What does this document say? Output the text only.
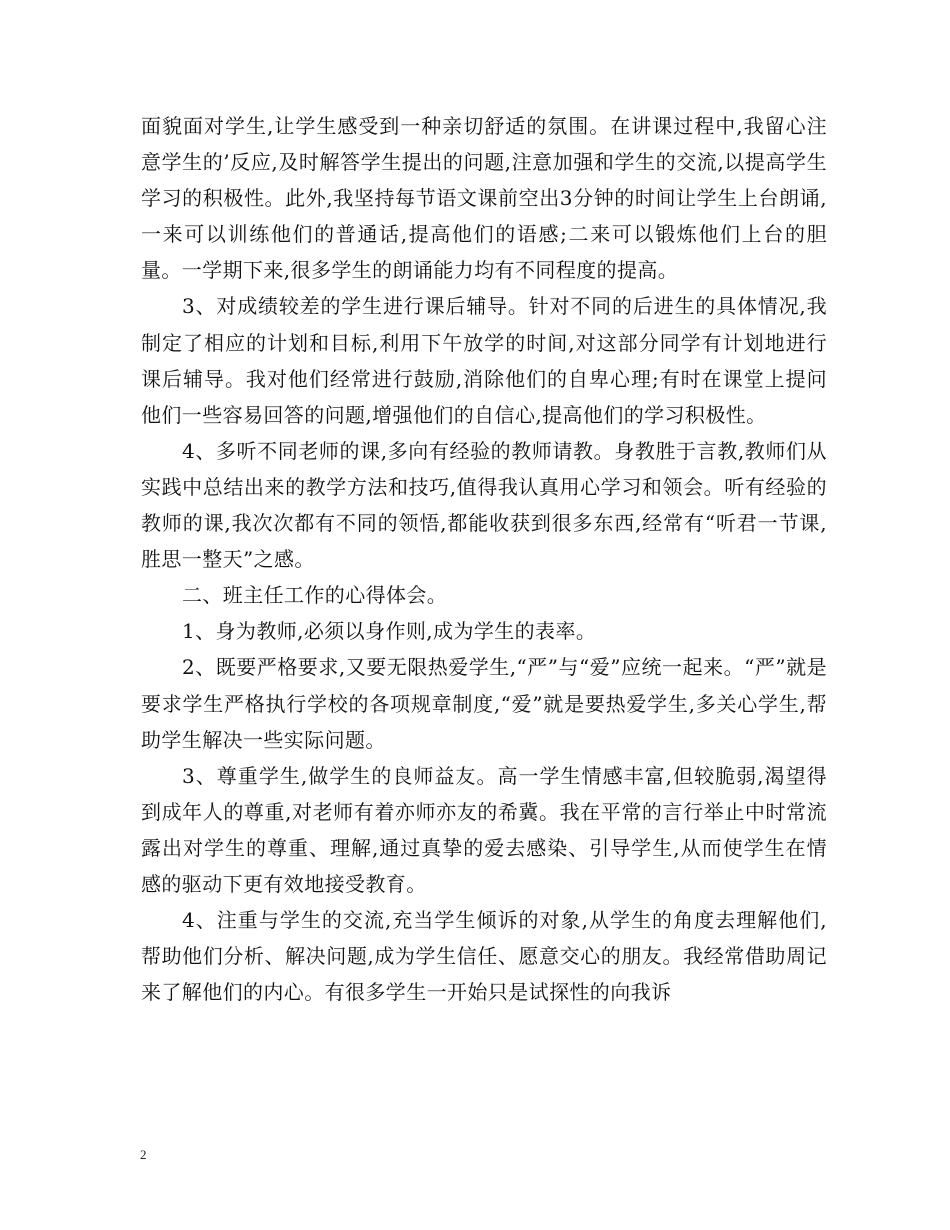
面貌面对学生,让学生感受到一种亲切舒适的氛围。在讲课过程中,我留心注意学生的’反应,及时解答学生提出的问题,注意加强和学生的交流,以提高学生学习的积极性。此外,我坚持每节语文课前空出3分钟的时间让学生上台朗诵,一来可以训练他们的普通话,提高他们的语感;二来可以锻炼他们上台的胆量。一学期下来,很多学生的朗诵能力均有不同程度的提高。

3、对成绩较差的学生进行课后辅导。针对不同的后进生的具体情况,我制定了相应的计划和目标,利用下午放学的时间,对这部分同学有计划地进行课后辅导。我对他们经常进行鼓励,消除他们的自卑心理;有时在课堂上提问他们一些容易回答的问题,增强他们的自信心,提高他们的学习积极性。

4、多听不同老师的课,多向有经验的教师请教。身教胜于言教,教师们从实践中总结出来的教学方法和技巧,值得我认真用心学习和领会。听有经验的教师的课,我次次都有不同的领悟,都能收获到很多东西,经常有“听君一节课,胜思一整天”之感。

二、班主任工作的心得体会。

1、身为教师,必须以身作则,成为学生的表率。

2、既要严格要求,又要无限热爱学生,“严”与“爱”应统一起来。“严”就是要求学生严格执行学校的各项规章制度,“爱”就是要热爱学生,多关心学生,帮助学生解决一些实际问题。

3、尊重学生,做学生的良师益友。高一学生情感丰富,但较脆弱,渴望得到成年人的尊重,对老师有着亦师亦友的希冀。我在平常的言行举止中时常流露出对学生的尊重、理解,通过真挚的爱去感染、引导学生,从而使学生在情感的驱动下更有效地接受教育。

4、注重与学生的交流,充当学生倾诉的对象,从学生的角度去理解他们,帮助他们分析、解决问题,成为学生信任、愿意交心的朋友。我经常借助周记来了解他们的内心。有很多学生一开始只是试探性的向我诉

2
